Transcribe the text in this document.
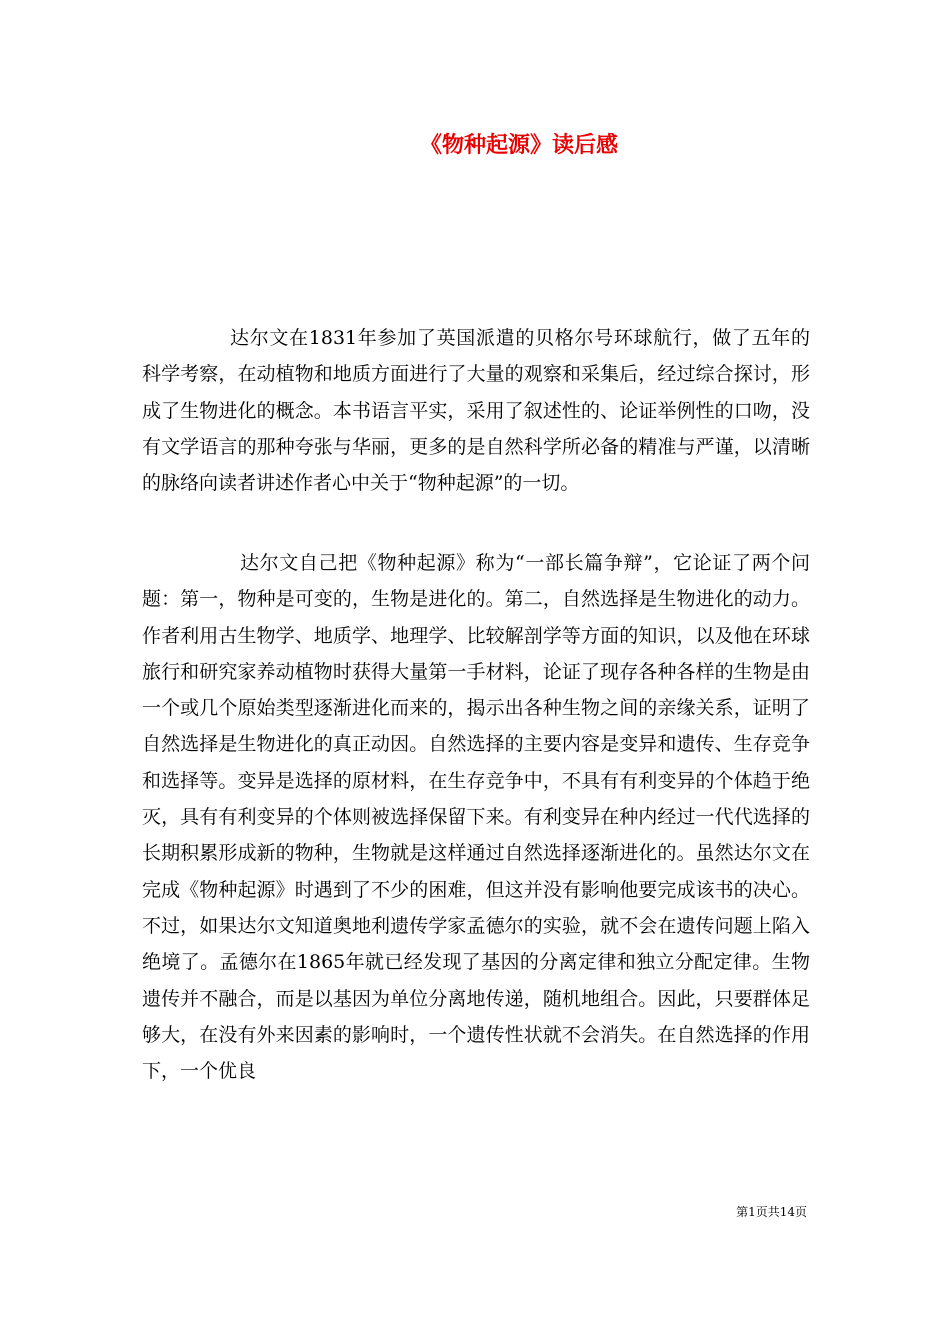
《物种起源》读后感

达尔文在1831年参加了英国派遣的贝格尔号环球航行，做了五年的科学考察，在动植物和地质方面进行了大量的观察和采集后，经过综合探讨，形成了生物进化的概念。本书语言平实，采用了叙述性的、论证举例性的口吻，没有文学语言的那种夸张与华丽，更多的是自然科学所必备的精准与严谨，以清晰的脉络向读者讲述作者心中关于“物种起源”的一切。

达尔文自己把《物种起源》称为“一部长篇争辩”，它论证了两个问题：第一，物种是可变的，生物是进化的。第二，自然选择是生物进化的动力。作者利用古生物学、地质学、地理学、比较解剖学等方面的知识，以及他在环球旅行和研究家养动植物时获得大量第一手材料，论证了现存各种各样的生物是由一个或几个原始类型逐渐进化而来的，揭示出各种生物之间的亲缘关系，证明了自然选择是生物进化的真正动因。自然选择的主要内容是变异和遗传、生存竞争和选择等。变异是选择的原材料，在生存竞争中，不具有有利变异的个体趋于绝灭，具有有利变异的个体则被选择保留下来。有利变异在种内经过一代代选择的长期积累形成新的物种，生物就是这样通过自然选择逐渐进化的。虽然达尔文在完成《物种起源》时遇到了不少的困难，但这并没有影响他要完成该书的决心。不过，如果达尔文知道奥地利遗传学家孟德尔的实验，就不会在遗传问题上陷入绝境了。孟德尔在1865年就已经发现了基因的分离定律和独立分配定律。生物遗传并不融合，而是以基因为单位分离地传递，随机地组合。因此，只要群体足够大，在没有外来因素的影响时，一个遗传性状就不会消失。在自然选择的作用下，一个优良

第1页共14页
